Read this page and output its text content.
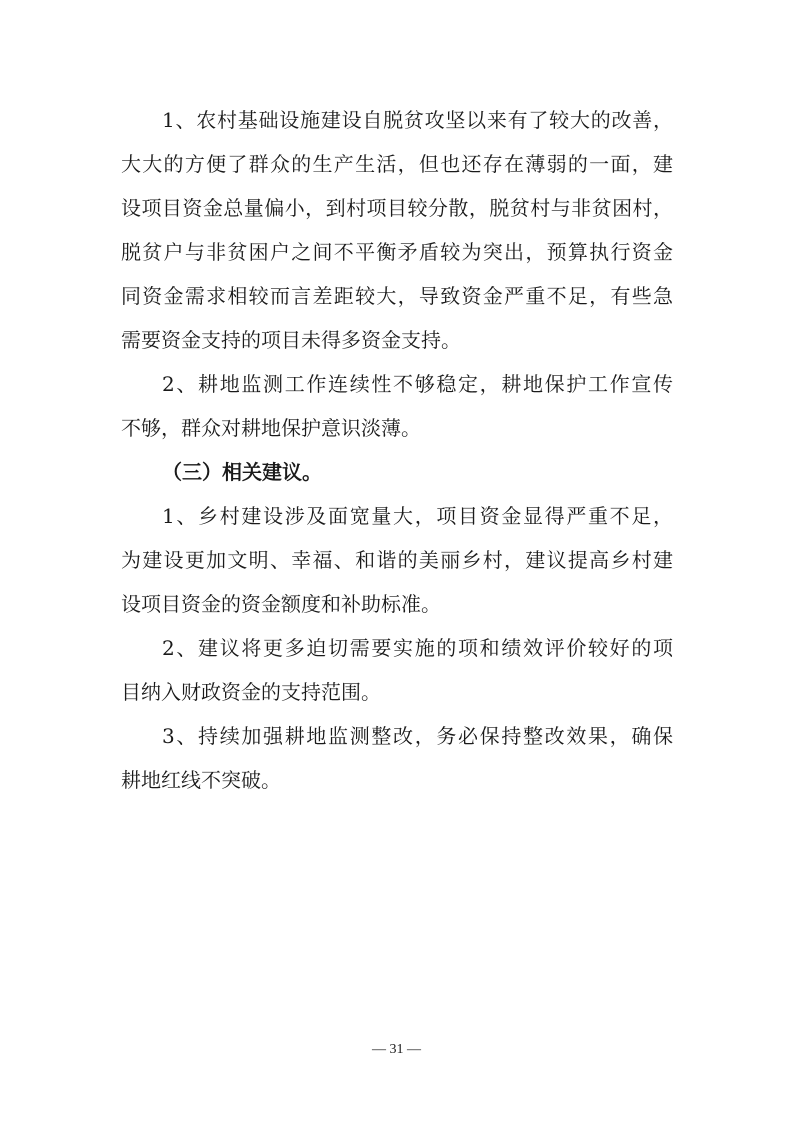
1、农村基础设施建设自脱贫攻坚以来有了较大的改善，
大大的方便了群众的生产生活，但也还存在薄弱的一面，建
设项目资金总量偏小，到村项目较分散，脱贫村与非贫困村，
脱贫户与非贫困户之间不平衡矛盾较为突出，预算执行资金
同资金需求相较而言差距较大，导致资金严重不足，有些急
需要资金支持的项目未得多资金支持。
2、耕地监测工作连续性不够稳定，耕地保护工作宣传
不够，群众对耕地保护意识淡薄。
（三）相关建议。
1、乡村建设涉及面宽量大，项目资金显得严重不足，
为建设更加文明、幸福、和谐的美丽乡村，建议提高乡村建
设项目资金的资金额度和补助标准。
2、建议将更多迫切需要实施的项和绩效评价较好的项
目纳入财政资金的支持范围。
3、持续加强耕地监测整改，务必保持整改效果，确保
耕地红线不突破。
— 31 —
